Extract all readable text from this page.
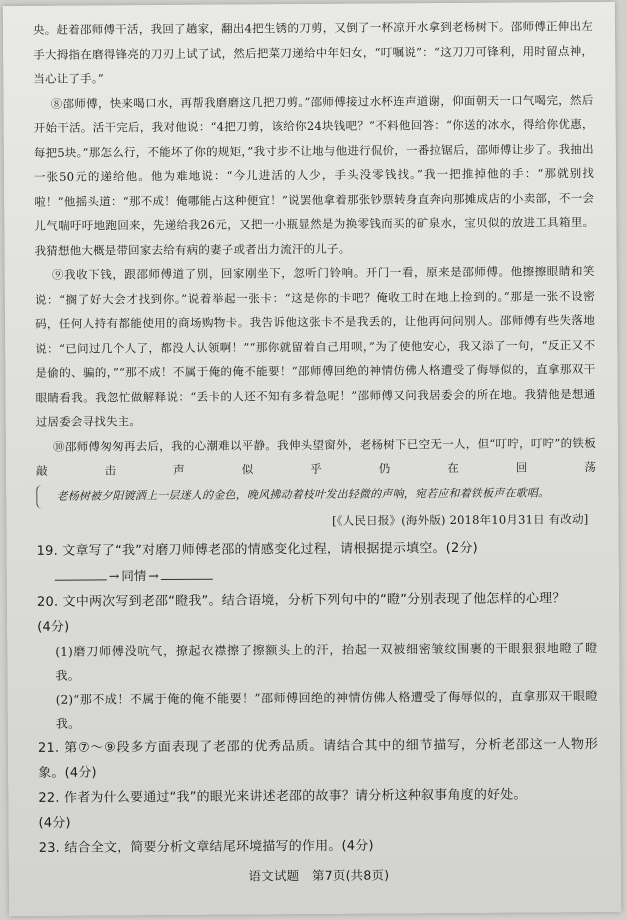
央。赶着邵师傅干活，我回了趟家，翻出4把生锈的刀剪，又倒了一杯凉开水拿到老杨树下。邵师傅正伸出左手大拇指在磨得锋亮的刀刃上试了试，然后把菜刀递给中年妇女，“叮嘱说”：“这刀刀可锋利，用时留点神，当心让了手。”

⑧邵师傅，快来喝口水，再帮我磨磨这几把刀剪。”邵师傅接过水杯连声道谢，仰面朝天一口气喝完，然后开始干活。活干完后，我对他说：“4把刀剪，该给你24块钱吧？”不料他回答：“你送的冰水，得给你优惠，每把5块。”那怎么行，不能坏了你的规矩，”我寸步不让地与他进行侃价，一番拉锯后，邵师傅让步了。我抽出一张50元的递给他。他为难地说：“今儿进活的人少，手头没零钱找。”我一把推掉他的手：“那就别找啦！”他摇头道：“那不成！俺哪能占这种便宜！”说罢他拿着那张钞票转身直奔向那摊成店的小卖部，不一会儿气喘吁吁地跑回来，先递给我26元，又把一小瓶显然是为换零钱而买的矿泉水，宝贝似的放进工具箱里。我猜想他大概是带回家去给有病的妻子或者出力流汗的儿子。

⑨我收下钱，跟邵师傅道了别，回家刚坐下，忽听门铃响。开门一看，原来是邵师傅。他擦擦眼睛和笑说：“搁了好大会才找到你。”说着举起一张卡：“这是你的卡吧？俺收工时在地上捡到的。”那是一张不设密码，任何人持有都能使用的商场购物卡。我告诉他这张卡不是我丢的，让他再问问别人。邵师傅有些失落地说：“已问过几个人了，都没人认领啊！”“那你就留着自己用呗，”为了使他安心，我又添了一句，“反正又不是偷的、骗的，”“那不成！不属于俺的俺不能要！”邵师傅回绝的神情仿佛人格遭受了侮辱似的，直拿那双干眼睛看我。我忽忙做解释说：“丢卡的人还不知有多着急呢！”邵师傅又问我居委会的所在地。我猜他是想通过居委会寻找失主。

⑩邵师傅匆匆再去后，我的心潮难以平静。我伸头望窗外，老杨树下已空无一人，但“叮咛，叮咛”的铁板敲击声似乎仍在回荡老杨树被夕阳镀洒上一层迷人的金色，晚风拂动着枝叶发出轻微的声响，宛若应和着铁板声在歌唱。

[《人民日报》(海外版) 2018年10月31日 有改动]

19. 文章写了“我”对磨刀师傅老邵的情感变化过程，请根据提示填空。(2分)

→ 同情 →

20. 文中两次写到老邵“瞪我”。结合语境，分析下列句中的“瞪”分别表现了他怎样的心理？

(4分)

(1)磨刀师傅没吭气，撩起衣襟擦了擦额头上的汗，抬起一双被细密皱纹围裹的干眼狠狠地瞪了瞪我。

(2)“那不成！不属于俺的俺不能要！”邵师傅回绝的神情仿佛人格遭受了侮辱似的，直拿那双干眼瞪我。

21. 第⑦～⑨段多方面表现了老邵的优秀品质。请结合其中的细节描写，分析老邵这一人物形象。(4分)

22. 作者为什么要通过“我”的眼光来讲述老邵的故事？请分析这种叙事角度的好处。

(4分)

23. 结合全文，简要分析文章结尾环境描写的作用。(4分)

语文试题　第7页(共8页)
